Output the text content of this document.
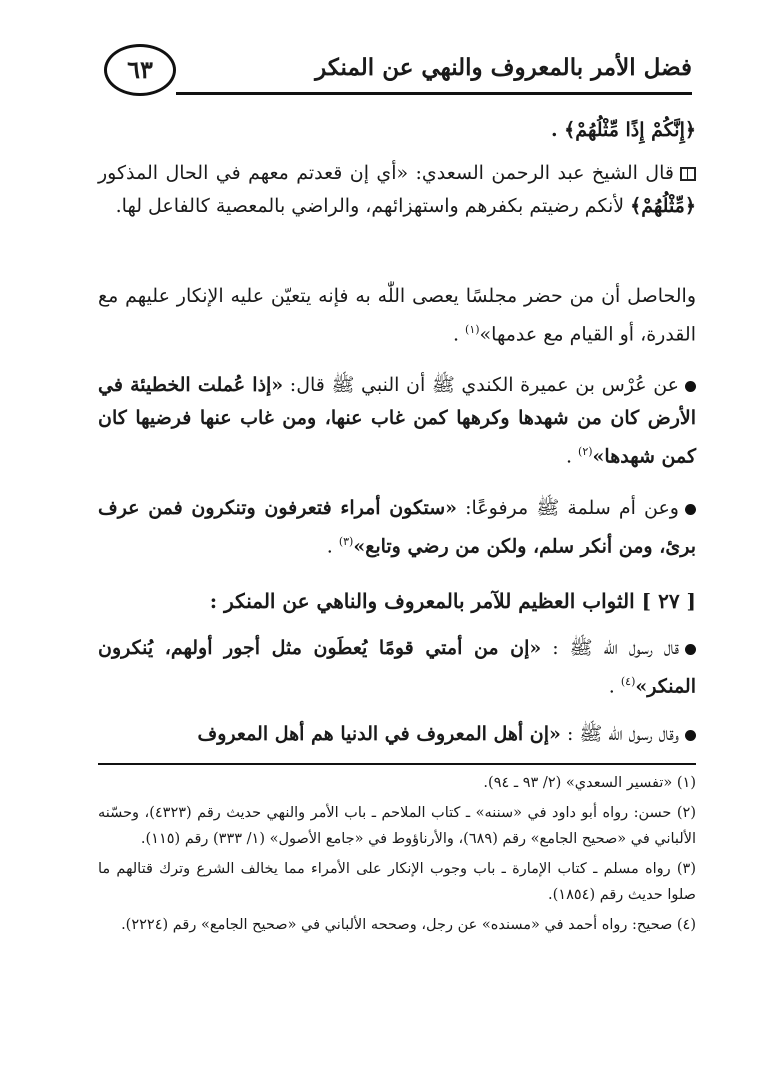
٦٣	فضل الأمر بالمعروف والنهي عن المنكر
﴿إِنَّكُمْ إِذًا مِّثْلُهُمْ﴾ .
قال الشيخ عبد الرحمن السعدي: «أي إن قعدتم معهم في الحال المذكور ﴿مِّثْلُهُمْ﴾ لأنكم رضيتم بكفرهم واستهزائهم، والراضي بالمعصية كالفاعل لها.
والحاصل أن من حضر مجلسًا يعصى اللّٰه به فإنه يتعيّن عليه الإنكار عليهم مع القدرة، أو القيام مع عدمها»$^{(١)}$ .
عن عُرْس بن عميرة الكندي ﷺ أن النبي ﷺ قال: «إذا عُملت الخطيئة في الأرض كان من شهدها وكرهها كمن غاب عنها، ومن غاب عنها فرضيها كان كمن شهدها»$^{(٢)}$ .
وعن أم سلمة ﷺ مرفوعًا: «ستكون أمراء فتعرفون وتنكرون فمن عرف برئ، ومن أنكر سلم، ولكن من رضي وتابع»$^{(٣)}$ .
[ ٢٧ ] الثواب العظيم للآمر بالمعروف والناهي عن المنكر :
قال رسول اللّٰه ﷺ : «إن من أمتي قومًا يُعطَون مثل أجور أولهم، يُنكرون المنكر»$^{(٤)}$ .
وقال رسول اللّٰه ﷺ : «إن أهل المعروف في الدنيا هم أهل المعروف

(١) «تفسير السعدي» (٢/ ٩٣ ـ ٩٤).

(٢) حسن: رواه أبو داود في «سننه» ـ كتاب الملاحم ـ باب الأمر والنهي حديث رقم (٤٣٢٣)، وحسّنه الألباني في «صحيح الجامع» رقم (٦٨٩)، والأرناؤوط في «جامع الأصول» (١/ ٣٣٣) رقم (١١٥).

(٣) رواه مسلم ـ كتاب الإمارة ـ باب وجوب الإنكار على الأمراء مما يخالف الشرع وترك قتالهم ما صلوا حديث رقم (١٨٥٤).

(٤) صحيح: رواه أحمد في «مسنده» عن رجل، وصححه الألباني في «صحيح الجامع» رقم (٢٢٢٤).
